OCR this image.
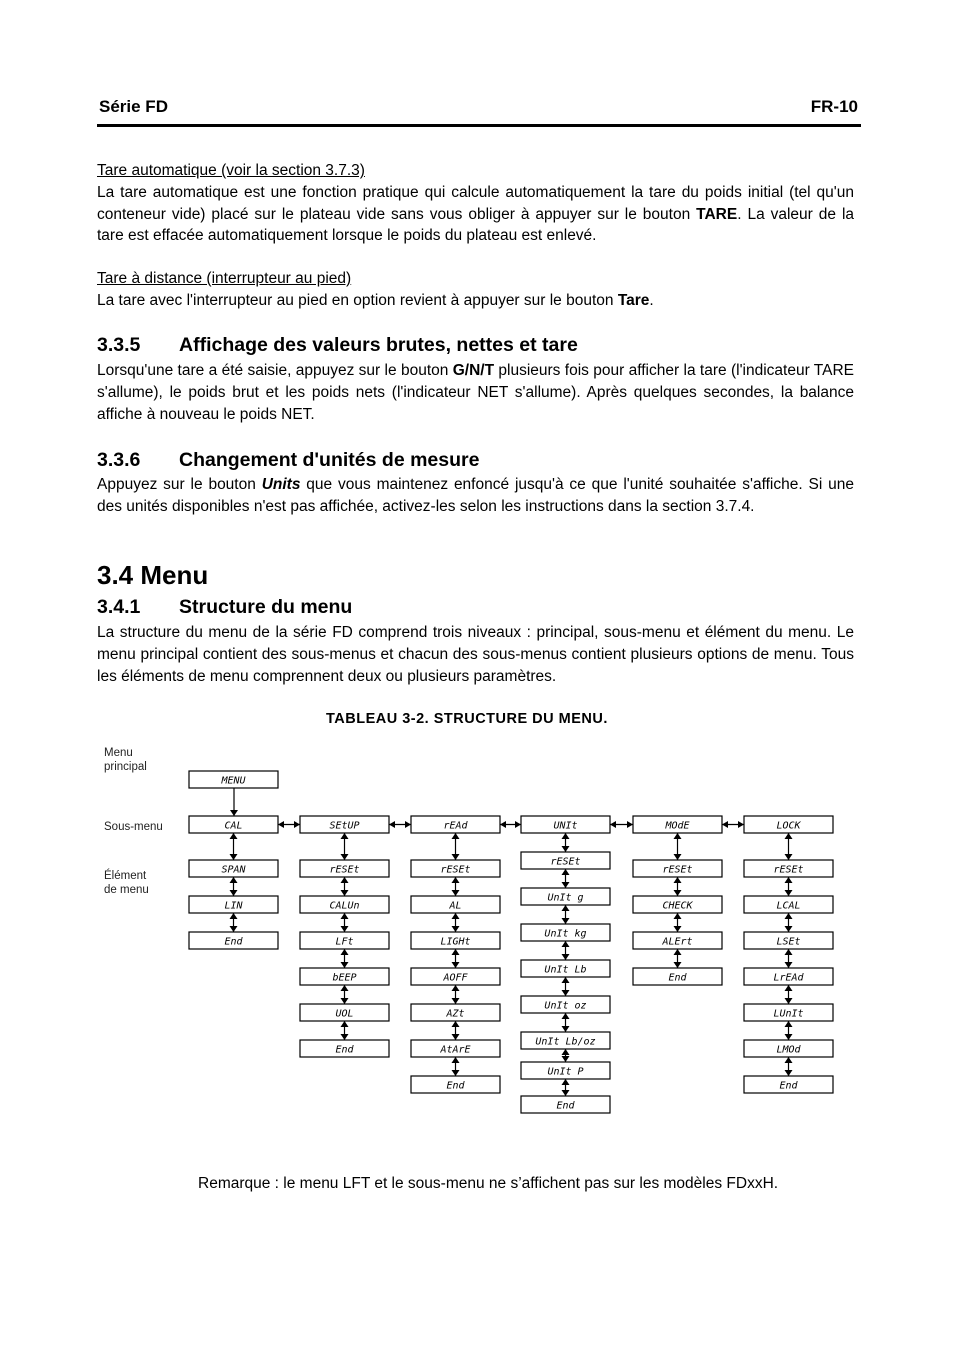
Série FD	FR-10
Tare automatique (voir la section 3.7.3)
La tare automatique est une fonction pratique qui calcule automatiquement la tare du poids initial (tel qu'un conteneur vide) placé sur le plateau vide sans vous obliger à appuyer sur le bouton TARE. La valeur de la tare est effacée automatiquement lorsque le poids du plateau est enlevé.
Tare à distance (interrupteur au pied)
La tare avec l'interrupteur au pied en option revient à appuyer sur le bouton Tare.
3.3.5 Affichage des valeurs brutes, nettes et tare
Lorsqu'une tare a été saisie, appuyez sur le bouton G/N/T plusieurs fois pour afficher la tare (l'indicateur TARE s'allume), le poids brut et les poids nets (l'indicateur NET s'allume). Après quelques secondes, la balance affiche à nouveau le poids NET.
3.3.6 Changement d'unités de mesure
Appuyez sur le bouton Units que vous maintenez enfoncé jusqu'à ce que l'unité souhaitée s'affiche. Si une des unités disponibles n'est pas affichée, activez-les selon les instructions dans la section 3.7.4.
3.4 Menu
3.4.1 Structure du menu
La structure du menu de la série FD comprend trois niveaux : principal, sous-menu et élément du menu. Le menu principal contient des sous-menus et chacun des sous-menus contient plusieurs options de menu. Tous les éléments de menu comprennent deux ou plusieurs paramètres.
TABLEAU 3-2. STRUCTURE DU MENU.
Menu
principal
Sous-menu
Élément
de menu
MENU
CAL
SPAN
LIN
End
SEtUP
rESEt
CALUn
LFt
bEEP
UOL
End
rEAd
rESEt
AL
LIGHt
AOFF
AZt
AtArE
End
UNIt
rESEt
UnIt g
UnIt kg
UnIt Lb
UnIt oz
UnIt Lb/oz
UnIt P
End
MOdE
rESEt
CHECK
ALErt
End
LOCK
rESEt
LCAL
LSEt
LrEAd
LUnIt
LMOd
End
Remarque : le menu LFT et le sous-menu ne s’affichent pas sur les modèles FDxxH.
